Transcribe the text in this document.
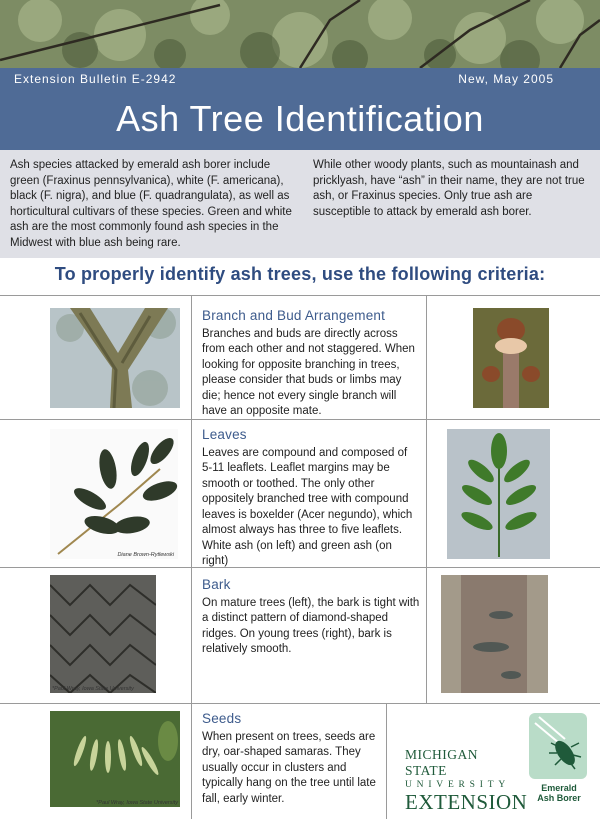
Extension Bulletin E-2942	New, May 2005
Ash Tree Identification

Ash species attacked by emerald ash borer include green (Fraxinus pennsylvanica), white (F. americana), black (F. nigra), and blue (F. quadrangulata), as well as horticultural cultivars of these species. Green and white ash are the most commonly found ash species in the Midwest with blue ash being rare.

While other woody plants, such as mountainash and pricklyash, have “ash” in their name, they are not true ash, or Fraxinus species. Only true ash are susceptible to attack by emerald ash borer.

To properly identify ash trees, use the following criteria:
Branch and Bud Arrangement

Branches and buds are directly across from each other and not staggered. When looking for opposite branching in trees, please consider that buds or limbs may die; hence not every single branch will have an opposite mate.

Diane Brown-Rytlewski
Leaves

Leaves are compound and composed of 5-11 leaflets. Leaflet margins may be smooth or toothed. The only other oppositely branched tree with compound leaves is boxelder (Acer negundo), which almost always has three to five leaflets. White ash (on left) and green ash (on right)

*Paul Wray, Iowa State University
Bark

On mature trees (left), the bark is tight with a distinct pattern of diamond-shaped ridges. On young trees (right), bark is relatively smooth.

*Paul Wray, Iowa State University
Seeds

When present on trees, seeds are dry, oar-shaped samaras. They usually occur in clusters and typically hang on the tree until late fall, early winter.

MICHIGAN STATE
UNIVERSITY
EXTENSION
Emerald
Ash Borer
